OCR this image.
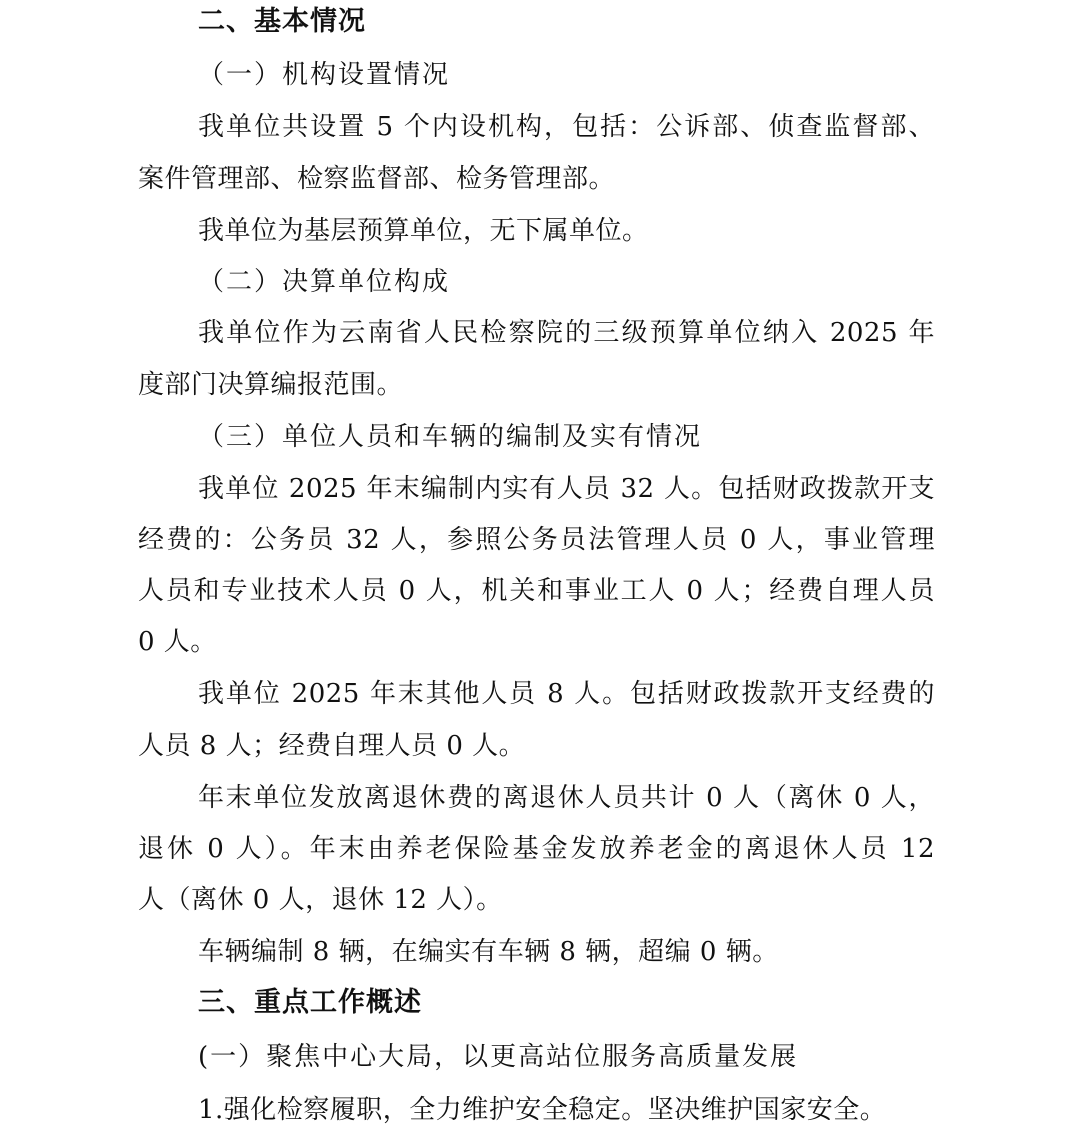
二、基本情况
（一）机构设置情况
我单位共设置 5 个内设机构，包括：公诉部、侦查监督部、
案件管理部、检察监督部、检务管理部。
我单位为基层预算单位，无下属单位。
（二）决算单位构成
我单位作为云南省人民检察院的三级预算单位纳入 2025 年
度部门决算编报范围。
（三）单位人员和车辆的编制及实有情况
我单位 2025 年末编制内实有人员 32 人。包括财政拨款开支
经费的：公务员 32 人，参照公务员法管理人员 0 人，事业管理
人员和专业技术人员 0 人，机关和事业工人 0 人；经费自理人员
0 人。
我单位 2025 年末其他人员 8 人。包括财政拨款开支经费的
人员 8 人；经费自理人员 0 人。
年末单位发放离退休费的离退休人员共计 0 人（离休 0 人，
退休 0 人）。年末由养老保险基金发放养老金的离退休人员 12
人（离休 0 人，退休 12 人）。
车辆编制 8 辆，在编实有车辆 8 辆，超编 0 辆。
三、重点工作概述
(一）聚焦中心大局，以更高站位服务高质量发展
1.强化检察履职，全力维护安全稳定。坚决维护国家安全。
